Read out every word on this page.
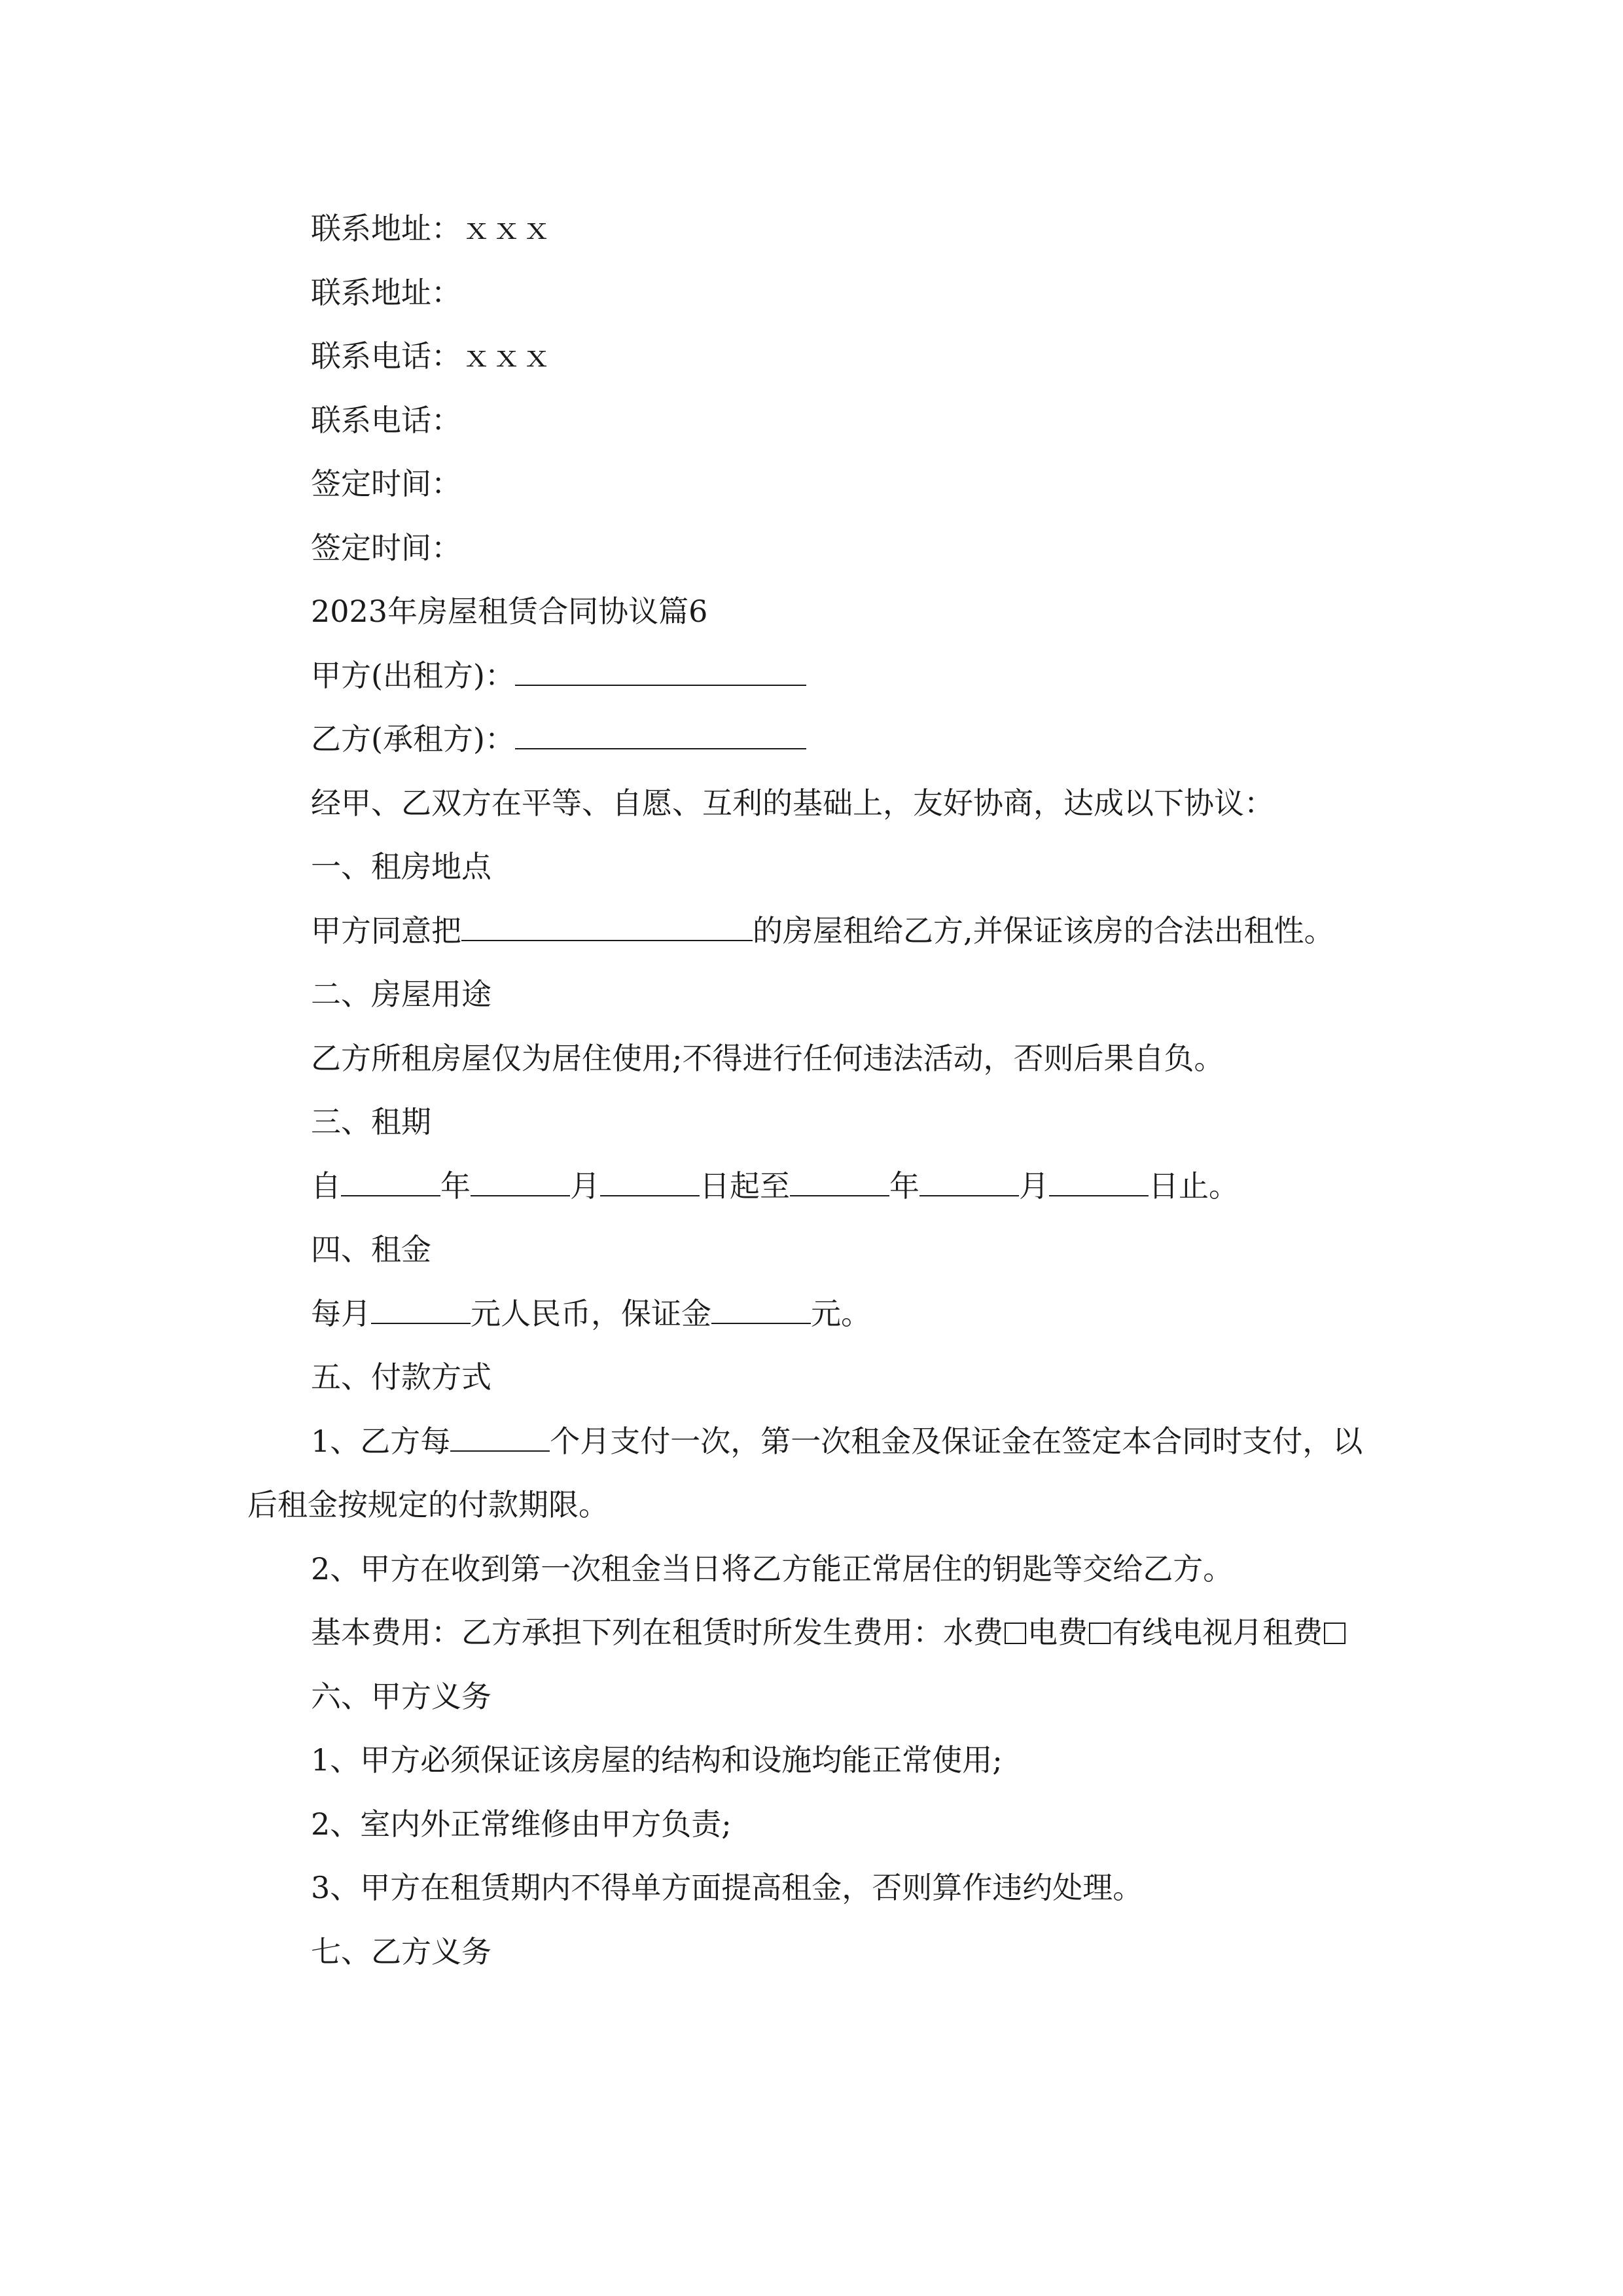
联系地址：ｘｘｘ

联系地址：

联系电话：ｘｘｘ

联系电话：

签定时间：

签定时间：

2023年房屋租赁合同协议篇6

甲方(出租方)：

乙方(承租方)：

经甲、乙双方在平等、自愿、互利的基础上，友好协商，达成以下协议：

一、租房地点

甲方同意把	的房屋租给乙方,并保证该房的合法出租性。

二、房屋用途

乙方所租房屋仅为居住使用;不得进行任何违法活动，否则后果自负。

三、租期

自	年	月	日起至	年	月	日止。

四、租金

每月	元人民币，保证金	元。

五、付款方式

1、乙方每	个月支付一次，第一次租金及保证金在签定本合同时支付，以后租金按规定的付款期限。

2、甲方在收到第一次租金当日将乙方能正常居住的钥匙等交给乙方。

基本费用：乙方承担下列在租赁时所发生费用：水费 电费 有线电视月租费

六、甲方义务

1、甲方必须保证该房屋的结构和设施均能正常使用;

2、室内外正常维修由甲方负责;

3、甲方在租赁期内不得单方面提高租金，否则算作违约处理。

七、乙方义务
